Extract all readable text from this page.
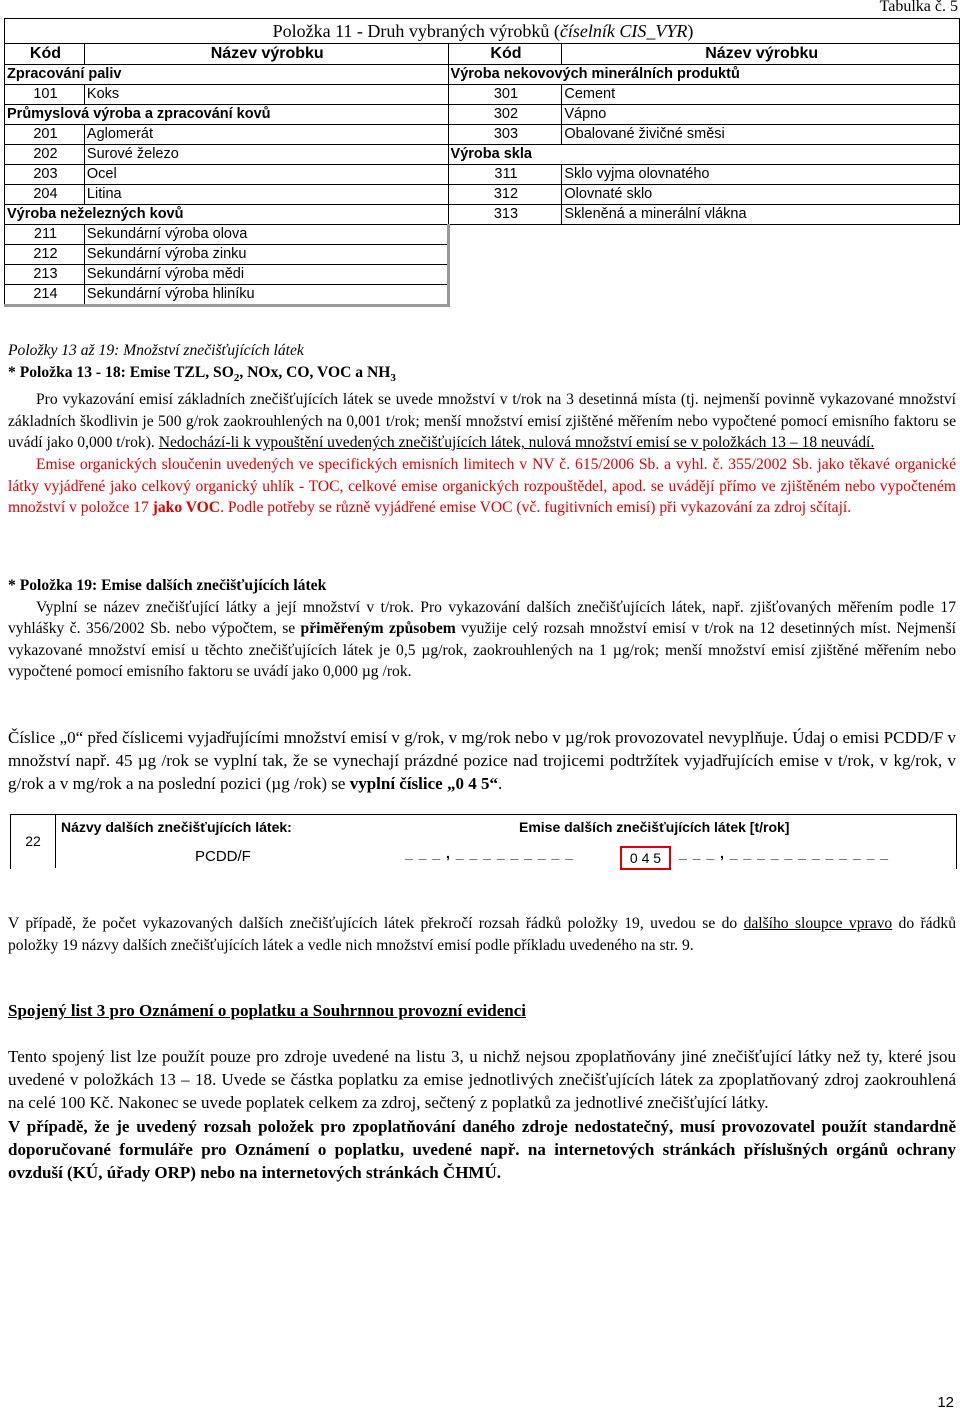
Tabulka č. 5
Položka 11 - Druh vybraných výrobků (číselník CIS_VYR)			
Kód	Název výrobku	Kód	Název výrobku
Zpracování paliv		Výroba nekovových minerálních produktů	
101	Koks	301	Cement
Průmyslová výroba a zpracování kovů		302	Vápno
201	Aglomerát	303	Obalované živičné směsi
202	Surové železo	Výroba skla	
203	Ocel	311	Sklo vyjma olovnatého
204	Litina	312	Olovnaté sklo
Výroba neželezných kovů		313	Skleněná a minerální vlákna
211	Sekundární výroba olova		
212	Sekundární výroba zinku		
213	Sekundární výroba mědi		
214	Sekundární výroba hliníku		

Položky 13 až 19: Množství znečišťujících látek

* Položka 13 - 18: Emise TZL, $SO_2$, NOx, CO, VOC a $NH_3$

Pro vykazování emisí základních znečišťujících látek se uvede množství v t/rok na 3 desetinná místa (tj. nejmenší povinně vykazované množství základních škodlivin je 500 g/rok zaokrouhlených na 0,001 t/rok; menší množství emisí zjištěné měřením nebo vypočtené pomocí emisního faktoru se uvádí jako 0,000 t/rok). Nedochází-li k vypouštění uvedených znečišťujících látek, nulová množství emisí se v položkách 13 – 18 neuvádí.

Emise organických sloučenin uvedených ve specifických emisních limitech v NV č. 615/2006 Sb. a vyhl. č. 355/2002 Sb. jako těkavé organické látky vyjádřené jako celkový organický uhlík - TOC, celkové emise organických rozpouštědel, apod. se uvádějí přímo ve zjištěném nebo vypočteném množství v položce 17 jako VOC. Podle potřeby se různě vyjádřené emise VOC (vč. fugitivních emisí) při vykazování za zdroj sčítají.

* Položka 19: Emise dalších znečišťujících látek

Vyplní se název znečišťující látky a její množství v t/rok. Pro vykazování dalších znečišťujících látek, např. zjišťovaných měřením podle 17 vyhlášky č. 356/2002 Sb. nebo výpočtem, se přiměřeným způsobem využije celý rozsah množství emisí v t/rok na 12 desetinných míst. Nejmenší vykazované množství emisí u těchto znečišťujících látek je 0,5 µg/rok, zaokrouhlených na 1 µg/rok; menší množství emisí zjištěné měřením nebo vypočtené pomocí emisního faktoru se uvádí jako 0,000 µg /rok.

Číslice „0“ před číslicemi vyjadřujícími množství emisí v g/rok, v mg/rok nebo v µg/rok provozovatel nevyplňuje. Údaj o emisi PCDD/F v množství např. 45 µg /rok se vyplní tak, že se vynechají prázdné pozice nad trojicemi podtržítek vyjadřujících emise v t/rok, v kg/rok, v g/rok a v mg/rok a na poslední pozici (µg /rok) se vyplní číslice „0 4 5“.

22
Názvy dalších znečišťujících látek:	Emise dalších znečišťujících látek [t/rok]
PCDD/F	_ _ _ , _ _ _ _ _ _ _ _ _	0 4 5	_ _ _ , _ _ _ _ _ _ _ _ _ _ _ _

V případě, že počet vykazovaných dalších znečišťujících látek překročí rozsah řádků položky 19, uvedou se do dalšího sloupce vpravo do řádků položky 19 názvy dalších znečišťujících látek a vedle nich množství emisí podle příkladu uvedeného na str. 9.

Spojený list 3 pro Oznámení o poplatku a Souhrnnou provozní evidenci

Tento spojený list lze použít pouze pro zdroje uvedené na listu 3, u nichž nejsou zpoplatňovány jiné znečišťující látky než ty, které jsou uvedené v položkách 13 – 18. Uvede se částka poplatku za emise jednotlivých znečišťujících látek za zpoplatňovaný zdroj zaokrouhlená na celé 100 Kč. Nakonec se uvede poplatek celkem za zdroj, sečtený z poplatků za jednotlivé znečišťující látky.

V případě, že je uvedený rozsah položek pro zpoplatňování daného zdroje nedostatečný, musí provozovatel použít standardně doporučované formuláře pro Oznámení o poplatku, uvedené např. na internetových stránkách příslušných orgánů ochrany ovzduší (KÚ, úřady ORP) nebo na internetových stránkách ČHMÚ.

12
